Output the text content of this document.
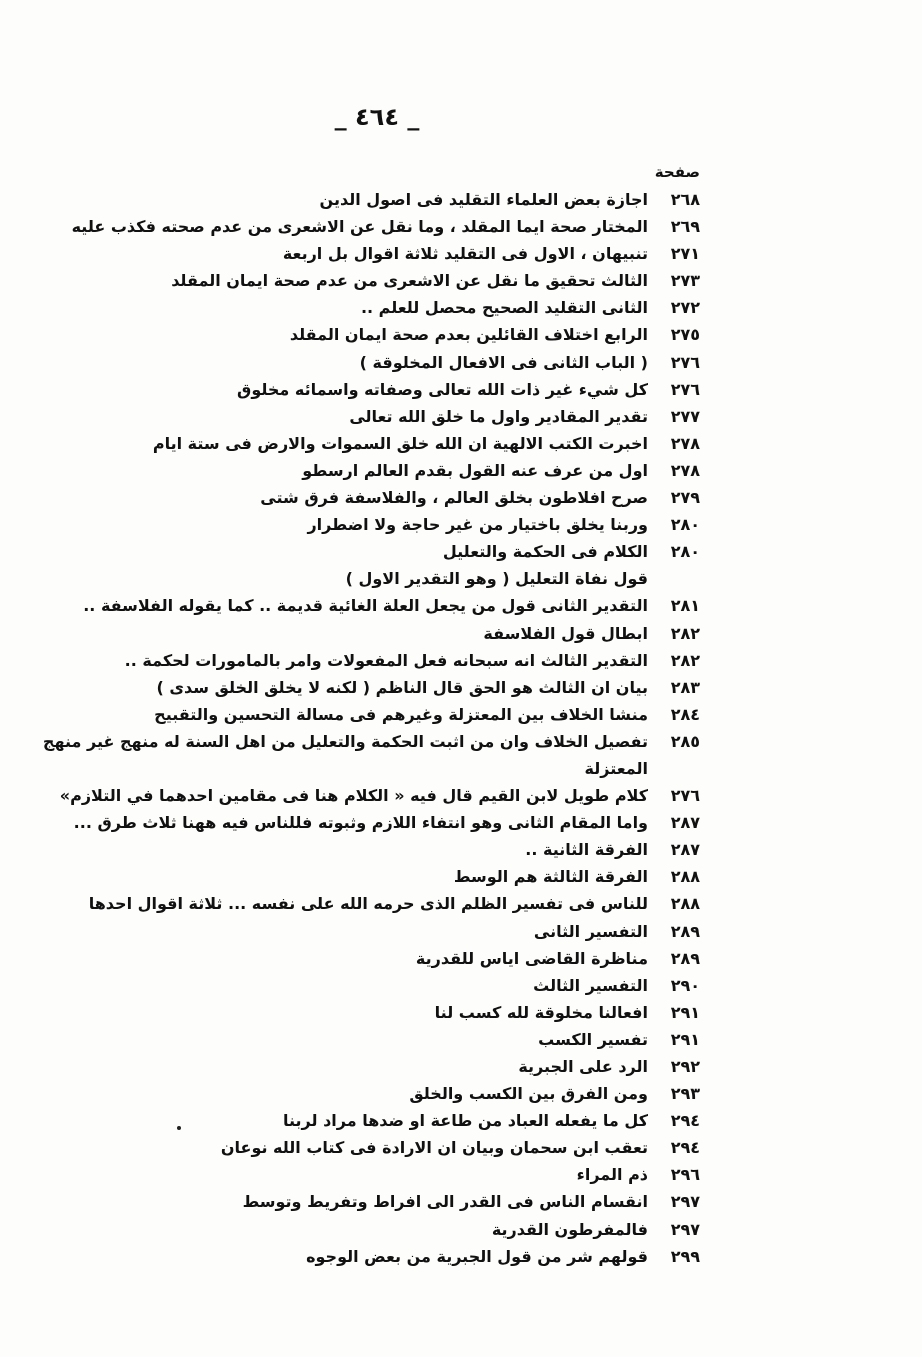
_ ٤٦٤ _
صفحة
٢٦٨
اجازة بعض العلماء التقليد فى اصول الدين
٢٦٩
المختار صحة ايما المقلد ، وما نقل عن الاشعرى من عدم صحته فكذب عليه
٢٧١
تنبيهان ، الاول فى التقليد ثلاثة اقوال بل اربعة
٢٧٣
الثالث تحقيق ما نقل عن الاشعرى من عدم صحة ايمان المقلد
٢٧٢
الثانى التقليد الصحيح محصل للعلم ..
٢٧٥
الرابع اختلاف القائلين بعدم صحة ايمان المقلد
٢٧٦
( الباب الثانى فى الافعال المخلوقة )
٢٧٦
كل شيء غير ذات الله تعالى وصفاته واسمائه مخلوق
٢٧٧
تقدير المقادير واول ما خلق الله تعالى
٢٧٨
اخبرت الكتب الالهية ان الله خلق السموات والارض فى ستة ايام
٢٧٨
اول من عرف عنه القول بقدم العالم ارسطو
٢٧٩
صرح افلاطون بخلق العالم ، والفلاسفة فرق شتى
٢٨٠
وربنا يخلق باختيار من غير حاجة ولا اضطرار
٢٨٠
الكلام فى الحكمة والتعليل
قول نفاة التعليل ( وهو التقدير الاول )
٢٨١
التقدير الثانى قول من يجعل العلة الغائية قديمة .. كما يقوله الفلاسفة ..
٢٨٢
ابطال قول الفلاسفة
٢٨٢
التقدير الثالث انه سبحانه فعل المفعولات وامر بالمامورات لحكمة ..
٢٨٣
بيان ان الثالث هو الحق قال الناظم ( لكنه لا يخلق الخلق سدى )
٢٨٤
منشا الخلاف بين المعتزلة وغيرهم فى مسالة التحسين والتقبيح
٢٨٥
تفصيل الخلاف وان من اثبت الحكمة والتعليل من اهل السنة له منهج غير منهج
المعتزلة
٢٧٦
كلام طويل لابن القيم قال فيه « الكلام هنا فى مقامين احدهما في التلازم»
٢٨٧
واما المقام الثانى وهو انتفاء اللازم وثبوته فللناس فيه ههنا ثلاث طرق ...
٢٨٧
الفرقة الثانية ..
٢٨٨
الفرقة الثالثة هم الوسط
٢٨٨
للناس فى تفسير الظلم الذى حرمه الله على نفسه ... ثلاثة اقوال احدها
٢٨٩
التفسير الثانى
٢٨٩
مناظرة القاضى اياس للقدرية
٢٩٠
التفسير الثالث
٢٩١
افعالنا مخلوقة لله كسب لنا
٢٩١
تفسير الكسب
٢٩٢
الرد على الجبرية
٢٩٣
ومن الفرق بين الكسب والخلق
٢٩٤
كل ما يفعله العباد من طاعة او ضدها مراد لربنا
٢٩٤
تعقب ابن سحمان وبيان ان الارادة فى كتاب الله نوعان
٢٩٦
ذم المراء
٢٩٧
انقسام الناس فى القدر الى افراط وتفريط وتوسط
٢٩٧
فالمفرطون القدرية
٢٩٩
قولهم شر من قول الجبرية من بعض الوجوه
